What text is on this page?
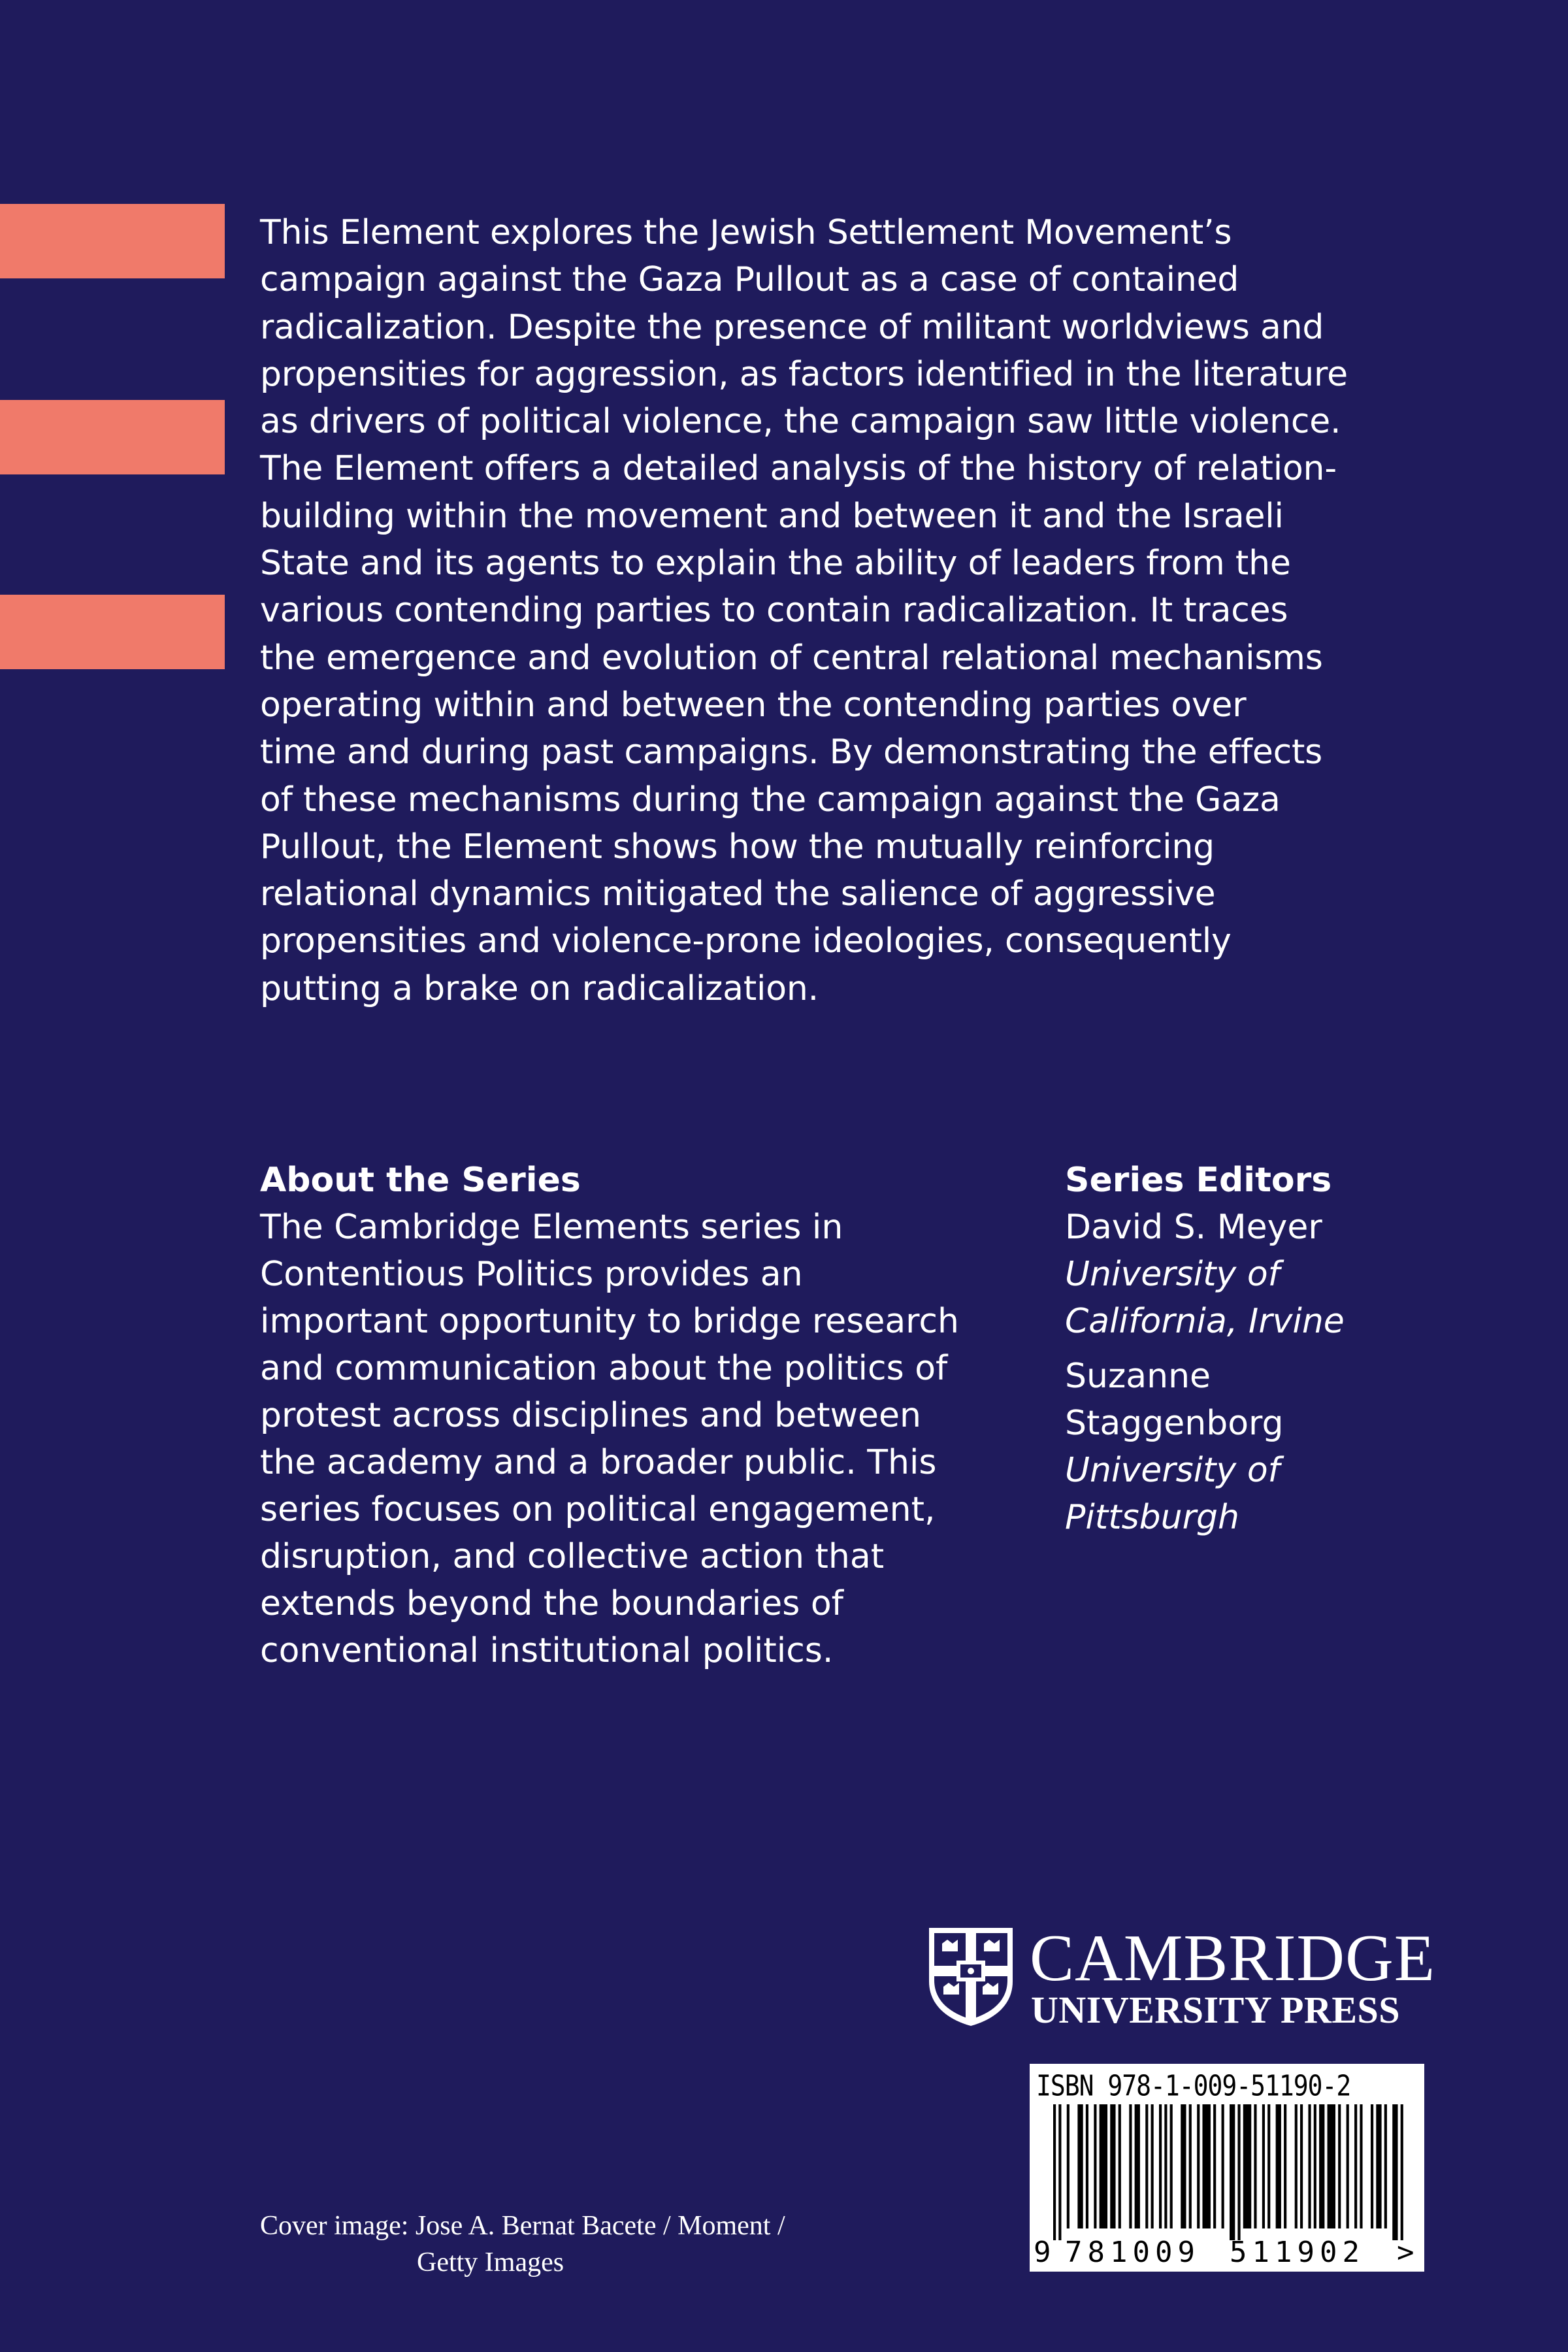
This Element explores the Jewish Settlement Movement’s
campaign against the Gaza Pullout as a case of contained
radicalization. Despite the presence of militant worldviews and
propensities for aggression, as factors identified in the literature
as drivers of political violence, the campaign saw little violence.
The Element offers a detailed analysis of the history of relation-
building within the movement and between it and the Israeli
State and its agents to explain the ability of leaders from the
various contending parties to contain radicalization. It traces
the emergence and evolution of central relational mechanisms
operating within and between the contending parties over
time and during past campaigns. By demonstrating the effects
of these mechanisms during the campaign against the Gaza
Pullout, the Element shows how the mutually reinforcing
relational dynamics mitigated the salience of aggressive
propensities and violence-prone ideologies, consequently
putting a brake on radicalization.

About the Series

The Cambridge Elements series in
Contentious Politics provides an
important opportunity to bridge research
and communication about the politics of
protest across disciplines and between
the academy and a broader public. This
series focuses on political engagement,
disruption, and collective action that
extends beyond the boundaries of
conventional institutional politics.

Series Editors
David S. Meyer
University of
California, Irvine
Suzanne
Staggenborg
University of
Pittsburgh
CAMBRIDGE
UNIVERSITY PRESS
ISBN 978-1-009-51190-2
9 781009 511902 >
Cover image: Jose A. Bernat Bacete / Moment /
Getty Images
